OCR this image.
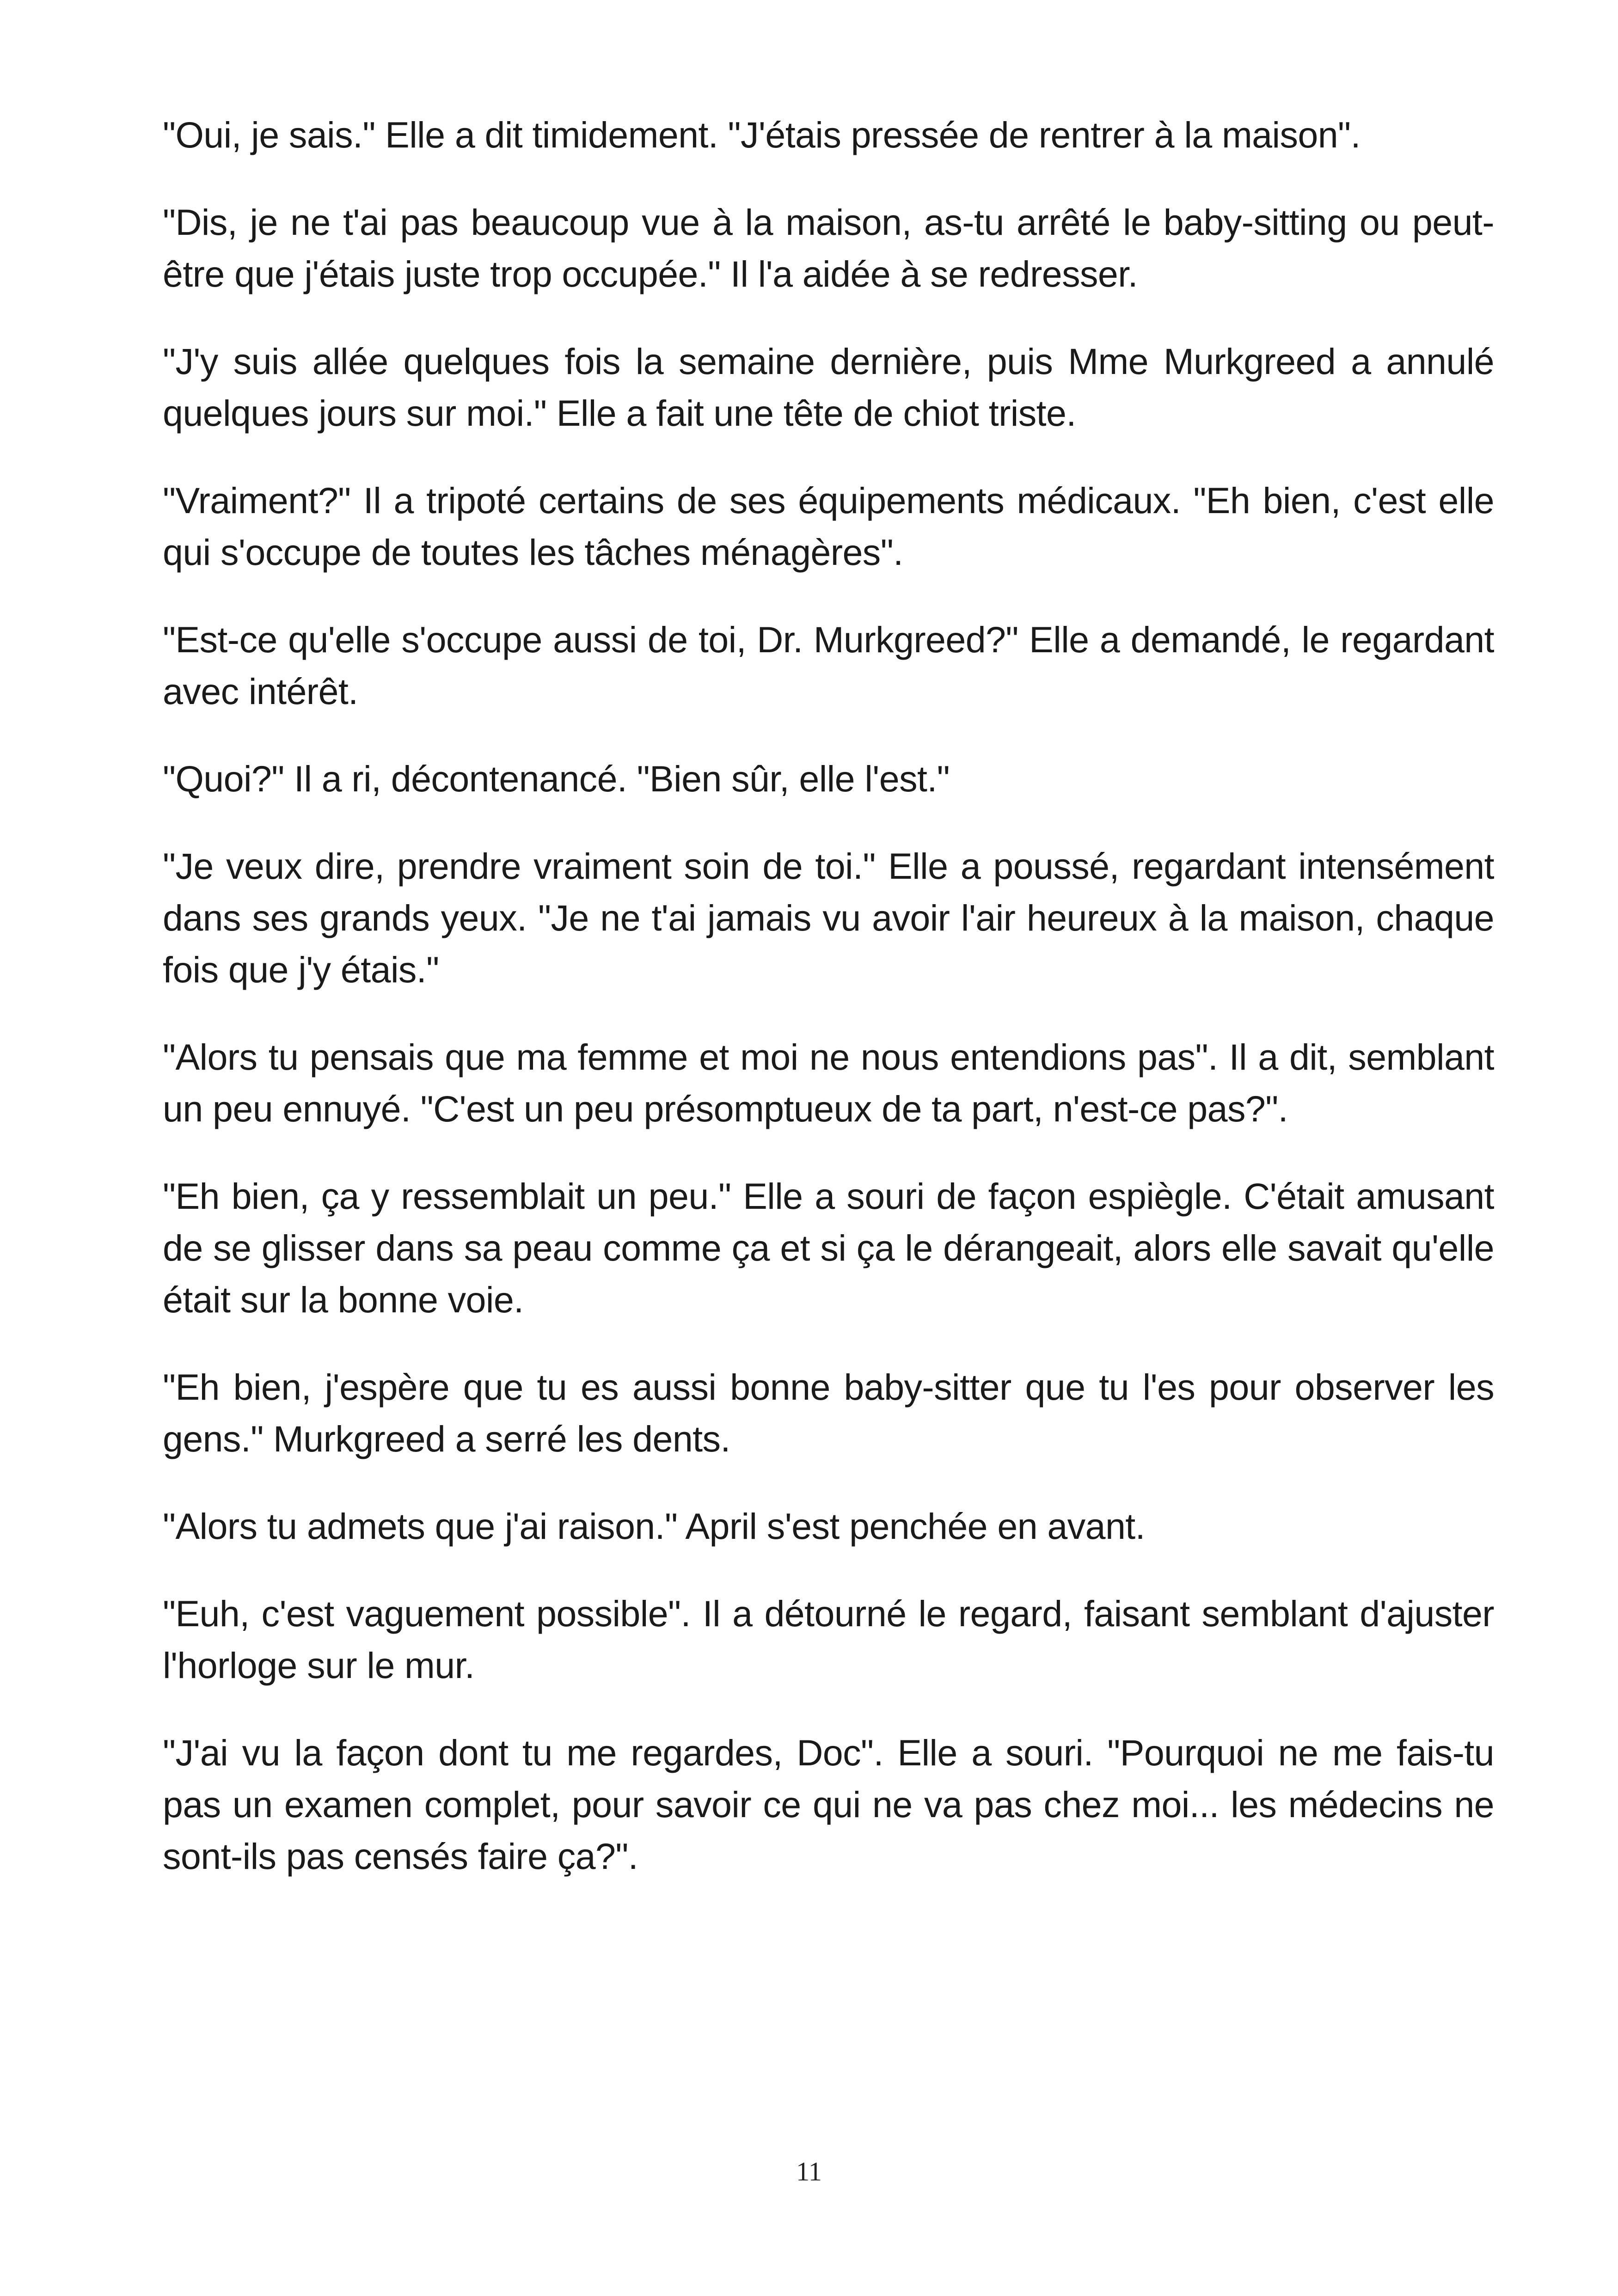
"Oui, je sais." Elle a dit timidement. "J'étais pressée de rentrer à la maison".

"Dis, je ne t'ai pas beaucoup vue à la maison, as-tu arrêté le baby-sitting ou peut-être que j'étais juste trop occupée." Il l'a aidée à se redresser.

"J'y suis allée quelques fois la semaine dernière, puis Mme Murkgreed a annulé quelques jours sur moi." Elle a fait une tête de chiot triste.

"Vraiment?" Il a tripoté certains de ses équipements médicaux. "Eh bien, c'est elle qui s'occupe de toutes les tâches ménagères".

"Est-ce qu'elle s'occupe aussi de toi, Dr. Murkgreed?" Elle a demandé, le regardant avec intérêt.

"Quoi?" Il a ri, décontenancé. "Bien sûr, elle l'est."

"Je veux dire, prendre vraiment soin de toi." Elle a poussé, regardant intensément dans ses grands yeux. "Je ne t'ai jamais vu avoir l'air heureux à la maison, chaque fois que j'y étais."

"Alors tu pensais que ma femme et moi ne nous entendions pas". Il a dit, semblant un peu ennuyé. "C'est un peu présomptueux de ta part, n'est-ce pas?".

"Eh bien, ça y ressemblait un peu." Elle a souri de façon espiègle. C'était amusant de se glisser dans sa peau comme ça et si ça le dérangeait, alors elle savait qu'elle était sur la bonne voie.

"Eh bien, j'espère que tu es aussi bonne baby-sitter que tu l'es pour observer les gens." Murkgreed a serré les dents.

"Alors tu admets que j'ai raison." April s'est penchée en avant.

"Euh, c'est vaguement possible". Il a détourné le regard, faisant semblant d'ajuster l'horloge sur le mur.

"J'ai vu la façon dont tu me regardes, Doc". Elle a souri. "Pourquoi ne me fais-tu pas un examen complet, pour savoir ce qui ne va pas chez moi... les médecins ne sont-ils pas censés faire ça?".

11
